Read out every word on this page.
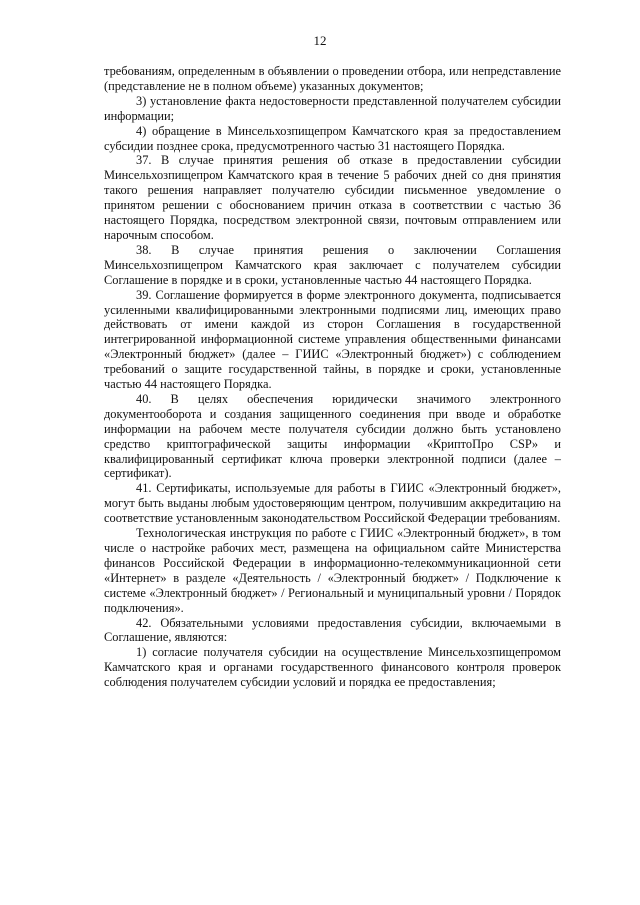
12

требованиям, определенным в объявлении о проведении отбора, или непредставление (представление не в полном объеме) указанных документов;

3) установление факта недостоверности представленной получателем субсидии информации;

4) обращение в Минсельхозпищепром Камчатского края за предоставлением субсидии позднее срока, предусмотренного частью 31 настоящего Порядка.

37. В случае принятия решения об отказе в предоставлении субсидии Минсельхозпищепром Камчатского края в течение 5 рабочих дней со дня принятия такого решения направляет получателю субсидии письменное уведомление о принятом решении с обоснованием причин отказа в соответствии с частью 36 настоящего Порядка, посредством электронной связи, почтовым отправлением или нарочным способом.

38. В случае принятия решения о заключении Соглашения Минсельхозпищепром Камчатского края заключает с получателем субсидии Соглашение в порядке и в сроки, установленные частью 44 настоящего Порядка.

39. Соглашение формируется в форме электронного документа, подписывается усиленными квалифицированными электронными подписями лиц, имеющих право действовать от имени каждой из сторон Соглашения в государственной интегрированной информационной системе управления общественными финансами «Электронный бюджет» (далее – ГИИС «Электронный бюджет») с соблюдением требований о защите государственной тайны, в порядке и сроки, установленные частью 44 настоящего Порядка.

40. В целях обеспечения юридически значимого электронного документооборота и создания защищенного соединения при вводе и обработке информации на рабочем месте получателя субсидии должно быть установлено средство криптографической защиты информации «КриптоПро CSP» и квалифицированный сертификат ключа проверки электронной подписи (далее – сертификат).

41. Сертификаты, используемые для работы в ГИИС «Электронный бюджет», могут быть выданы любым удостоверяющим центром, получившим аккредитацию на соответствие установленным законодательством Российской Федерации требованиям.

Технологическая инструкция по работе с ГИИС «Электронный бюджет», в том числе о настройке рабочих мест, размещена на официальном сайте Министерства финансов Российской Федерации в информационно-телекоммуникационной сети «Интернет» в разделе «Деятельность / «Электронный бюджет» / Подключение к системе «Электронный бюджет» / Региональный и муниципальный уровни / Порядок подключения».

42. Обязательными условиями предоставления субсидии, включаемыми в Соглашение, являются:

1) согласие получателя субсидии на осуществление Минсельхозпищепромом Камчатского края и органами государственного финансового контроля проверок соблюдения получателем субсидии условий и порядка ее предоставления;
